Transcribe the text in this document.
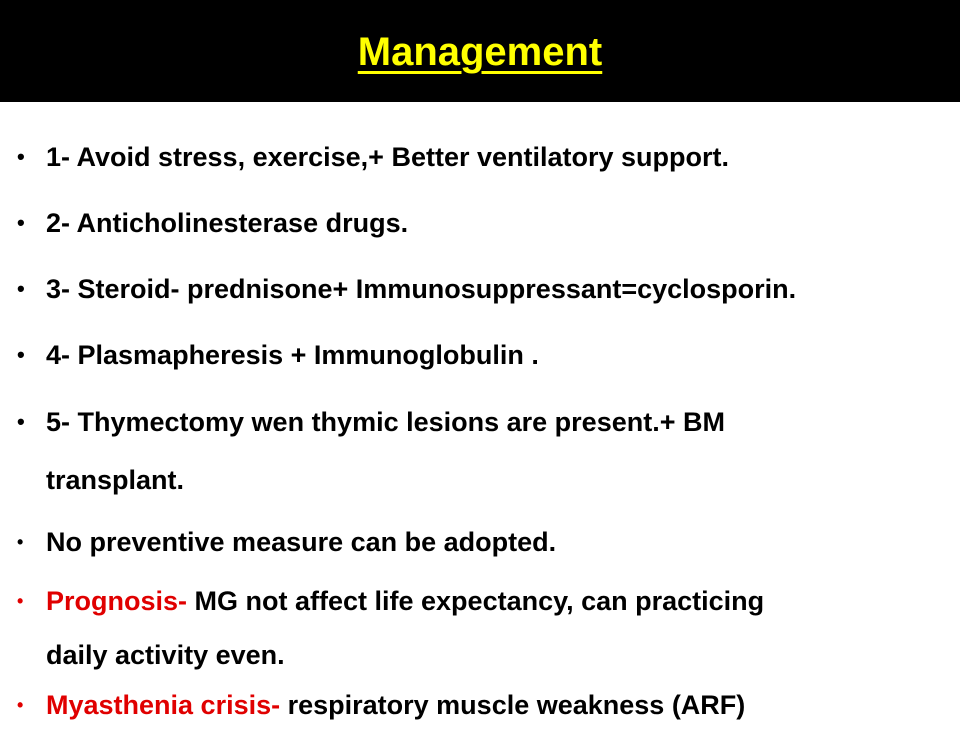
Management
• 1- Avoid stress, exercise,+ Better ventilatory support.
• 2- Anticholinesterase drugs.
• 3- Steroid- prednisone+ Immunosuppressant=cyclosporin.
• 4- Plasmapheresis + Immunoglobulin .
• 5- Thymectomy wen thymic lesions are present.+ BM
transplant.
• No preventive measure can be adopted.
• Prognosis- MG not affect life expectancy, can practicing
daily activity even.
• Myasthenia crisis- respiratory muscle weakness (ARF)
